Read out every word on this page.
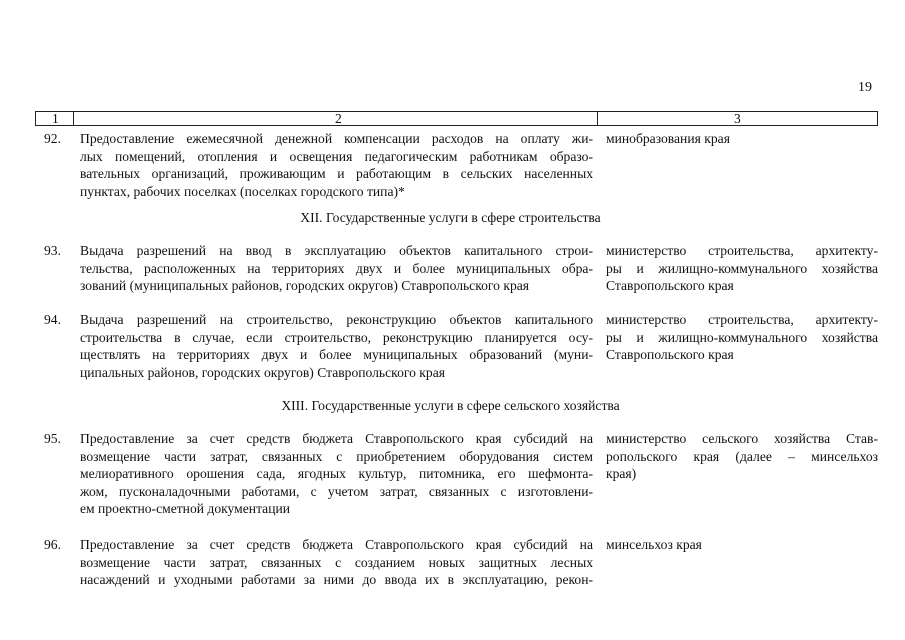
19
1	2	3
92. Предоставление ежемесячной денежной компенсации расходов на оплату жи-
лых помещений, отопления и освещения педагогическим работникам образо-
вательных организаций, проживающим и работающим в сельских населенных
пунктах, рабочих поселках (поселках городского типа)*
минобразования края
XII. Государственные услуги в сфере строительства
93. Выдача разрешений на ввод в эксплуатацию объектов капитального строи-
тельства, расположенных на территориях двух и более муниципальных обра-
зований (муниципальных районов, городских округов) Ставропольского края
министерство строительства, архитекту-
ры и жилищно-коммунального хозяйства
Ставропольского края
94. Выдача разрешений на строительство, реконструкцию объектов капитального
строительства в случае, если строительство, реконструкцию планируется осу-
ществлять на территориях двух и более муниципальных образований (муни-
ципальных районов, городских округов) Ставропольского края
министерство строительства, архитекту-
ры и жилищно-коммунального хозяйства
Ставропольского края
XIII. Государственные услуги в сфере сельского хозяйства
95. Предоставление за счет средств бюджета Ставропольского края субсидий на
возмещение части затрат, связанных с приобретением оборудования систем
мелиоративного орошения сада, ягодных культур, питомника, его шефмонта-
жом, пусконаладочными работами, с учетом затрат, связанных с изготовлени-
ем проектно-сметной документации
министерство сельского хозяйства Став-
ропольского края (далее – минсельхоз
края)
96. Предоставление за счет средств бюджета Ставропольского края субсидий на
возмещение части затрат, связанных с созданием новых защитных лесных
насаждений и уходными работами за ними до ввода их в эксплуатацию, рекон-
минсельхоз края
